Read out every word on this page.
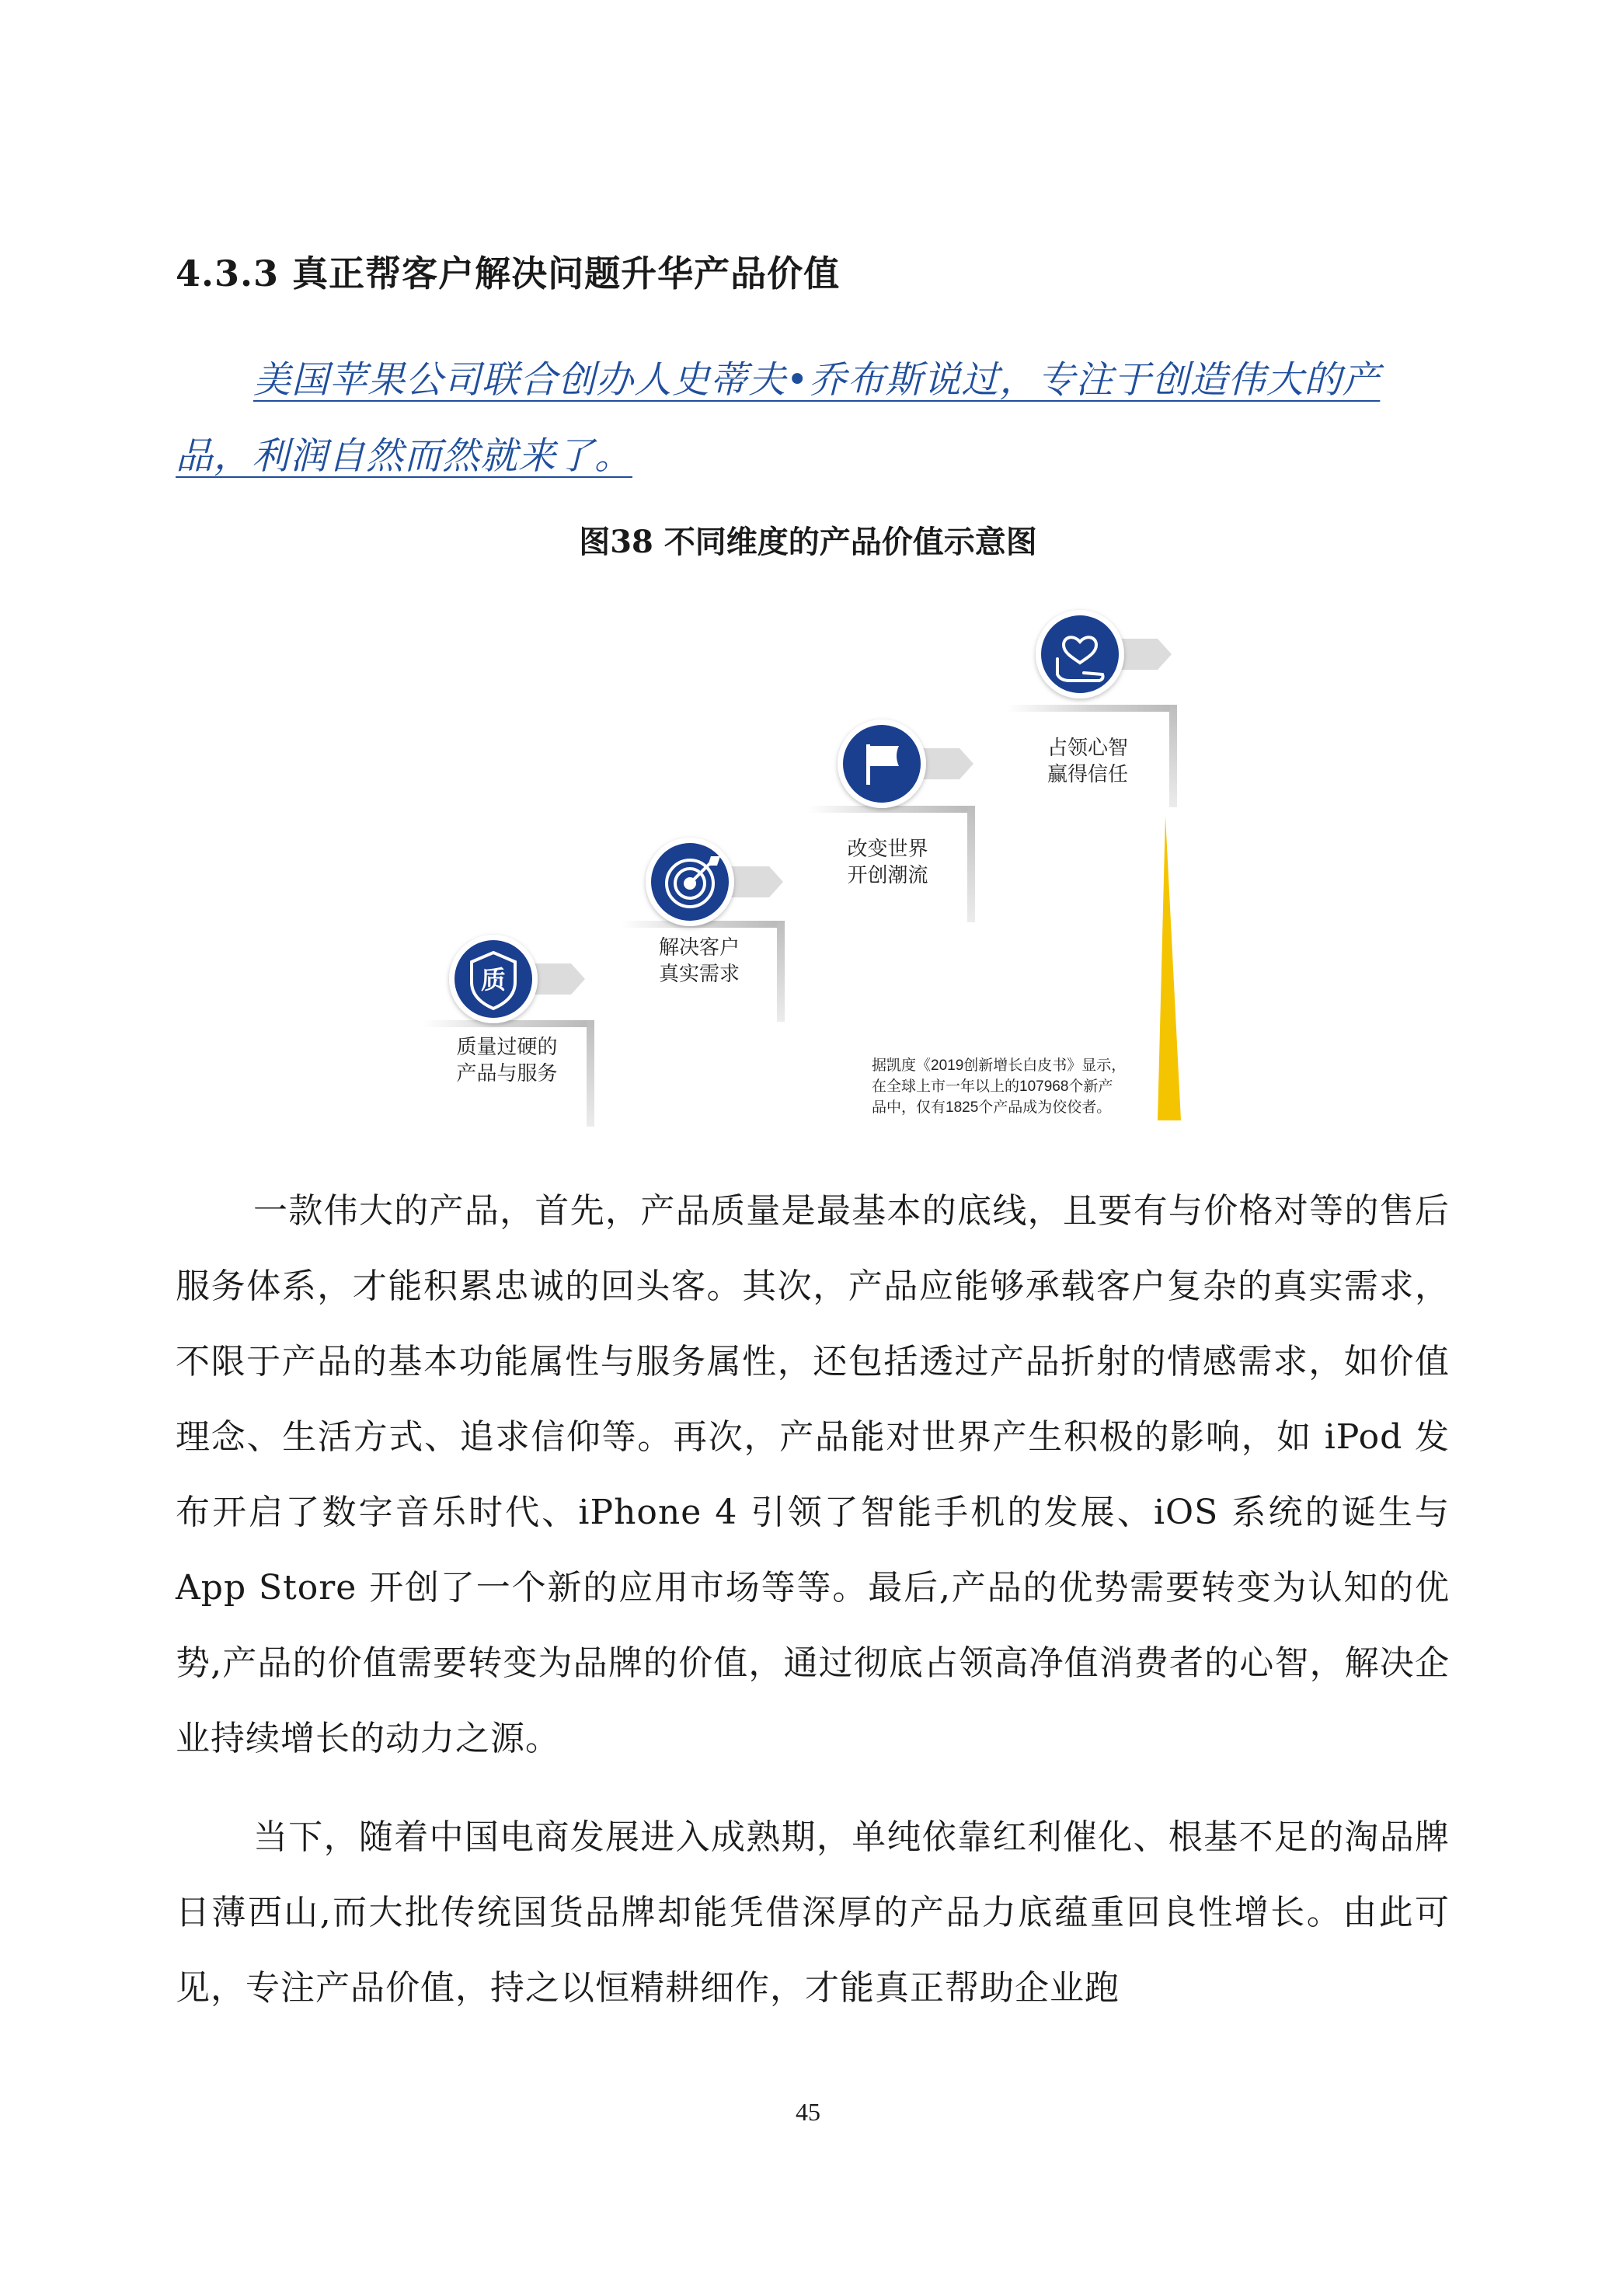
4.3.3 真正帮客户解决问题升华产品价值
美国苹果公司联合创办人史蒂夫•乔布斯说过，专注于创造伟大的产
品，利润自然而然就来了。
图38 不同维度的产品价值示意图
质
质量过硬的
产品与服务
解决客户
真实需求
改变世界
开创潮流
占领心智
赢得信任
据凯度《2019创新增长白皮书》显示，
在全球上市一年以上的107968个新产
品中，仅有1825个产品成为佼佼者。

一款伟大的产品，首先，产品质量是最基本的底线，且要有与价格对等的售后服务体系，才能积累忠诚的回头客。其次，产品应能够承载客户复杂的真实需求，不限于产品的基本功能属性与服务属性，还包括透过产品折射的情感需求，如价值理念、生活方式、追求信仰等。再次，产品能对世界产生积极的影响，如 iPod 发布开启了数字音乐时代、iPhone 4 引领了智能手机的发展、iOS 系统的诞生与 App Store 开创了一个新的应用市场等等。最后,产品的优势需要转变为认知的优势,产品的价值需要转变为品牌的价值，通过彻底占领高净值消费者的心智，解决企业持续增长的动力之源。

当下，随着中国电商发展进入成熟期，单纯依靠红利催化、根基不足的淘品牌日薄西山,而大批传统国货品牌却能凭借深厚的产品力底蕴重回良性增长。由此可见，专注产品价值，持之以恒精耕细作，才能真正帮助企业跑

45
